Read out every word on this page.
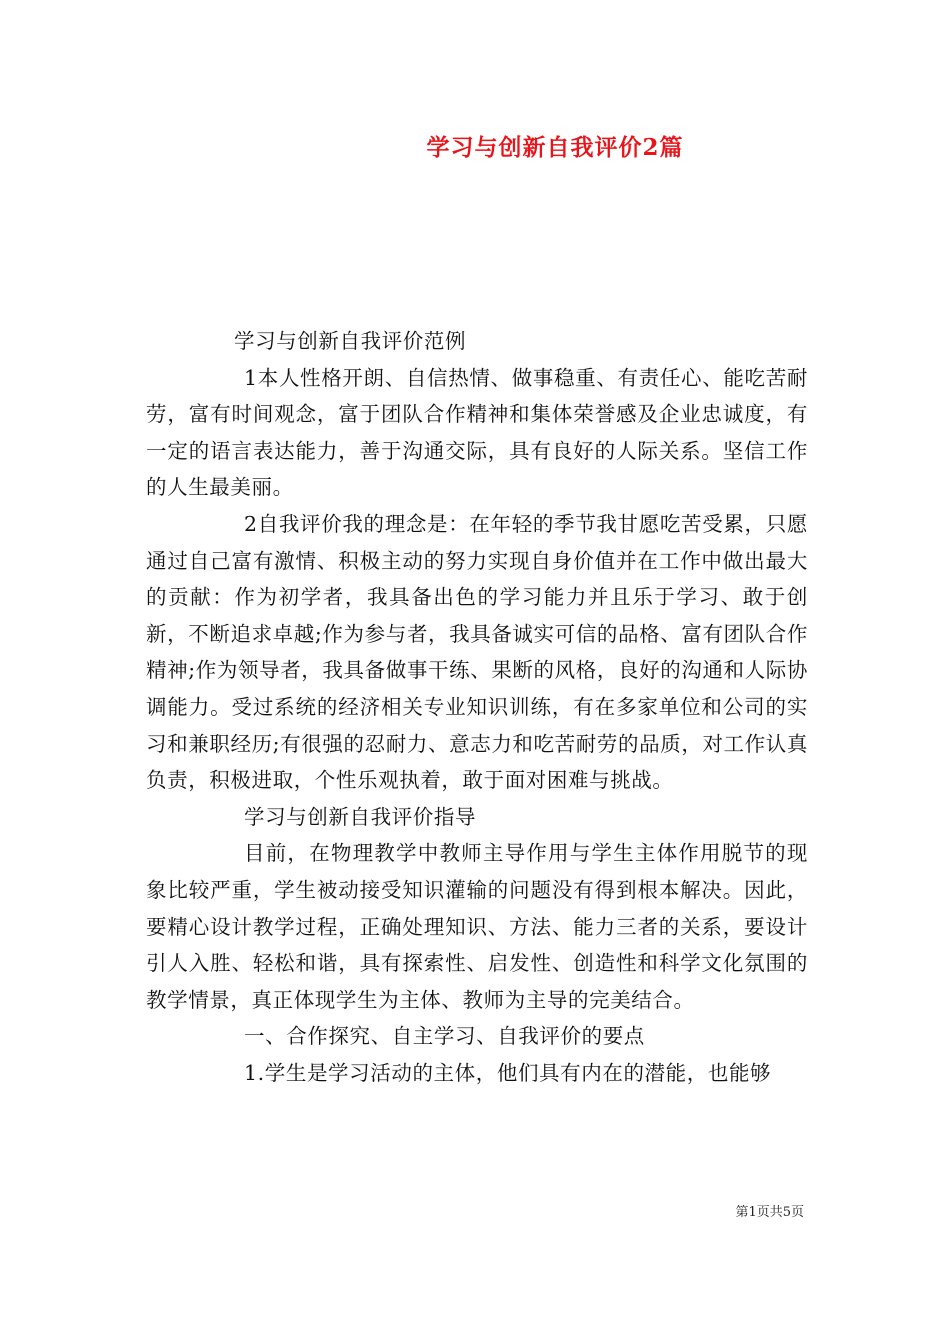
学习与创新自我评价2篇

学习与创新自我评价范例

1本人性格开朗、自信热情、做事稳重、有责任心、能吃苦耐劳，富有时间观念，富于团队合作精神和集体荣誉感及企业忠诚度，有一定的语言表达能力，善于沟通交际，具有良好的人际关系。坚信工作的人生最美丽。

2自我评价我的理念是：在年轻的季节我甘愿吃苦受累，只愿通过自己富有激情、积极主动的努力实现自身价值并在工作中做出最大的贡献：作为初学者，我具备出色的学习能力并且乐于学习、敢于创新，不断追求卓越;作为参与者，我具备诚实可信的品格、富有团队合作精神;作为领导者，我具备做事干练、果断的风格，良好的沟通和人际协调能力。受过系统的经济相关专业知识训练，有在多家单位和公司的实习和兼职经历;有很强的忍耐力、意志力和吃苦耐劳的品质，对工作认真负责，积极进取，个性乐观执着，敢于面对困难与挑战。

学习与创新自我评价指导

目前，在物理教学中教师主导作用与学生主体作用脱节的现象比较严重，学生被动接受知识灌输的问题没有得到根本解决。因此，要精心设计教学过程，正确处理知识、方法、能力三者的关系，要设计引人入胜、轻松和谐，具有探索性、启发性、创造性和科学文化氛围的教学情景，真正体现学生为主体、教师为主导的完美结合。

一、合作探究、自主学习、自我评价的要点

1.学生是学习活动的主体，他们具有内在的潜能，也能够

第1页共5页
